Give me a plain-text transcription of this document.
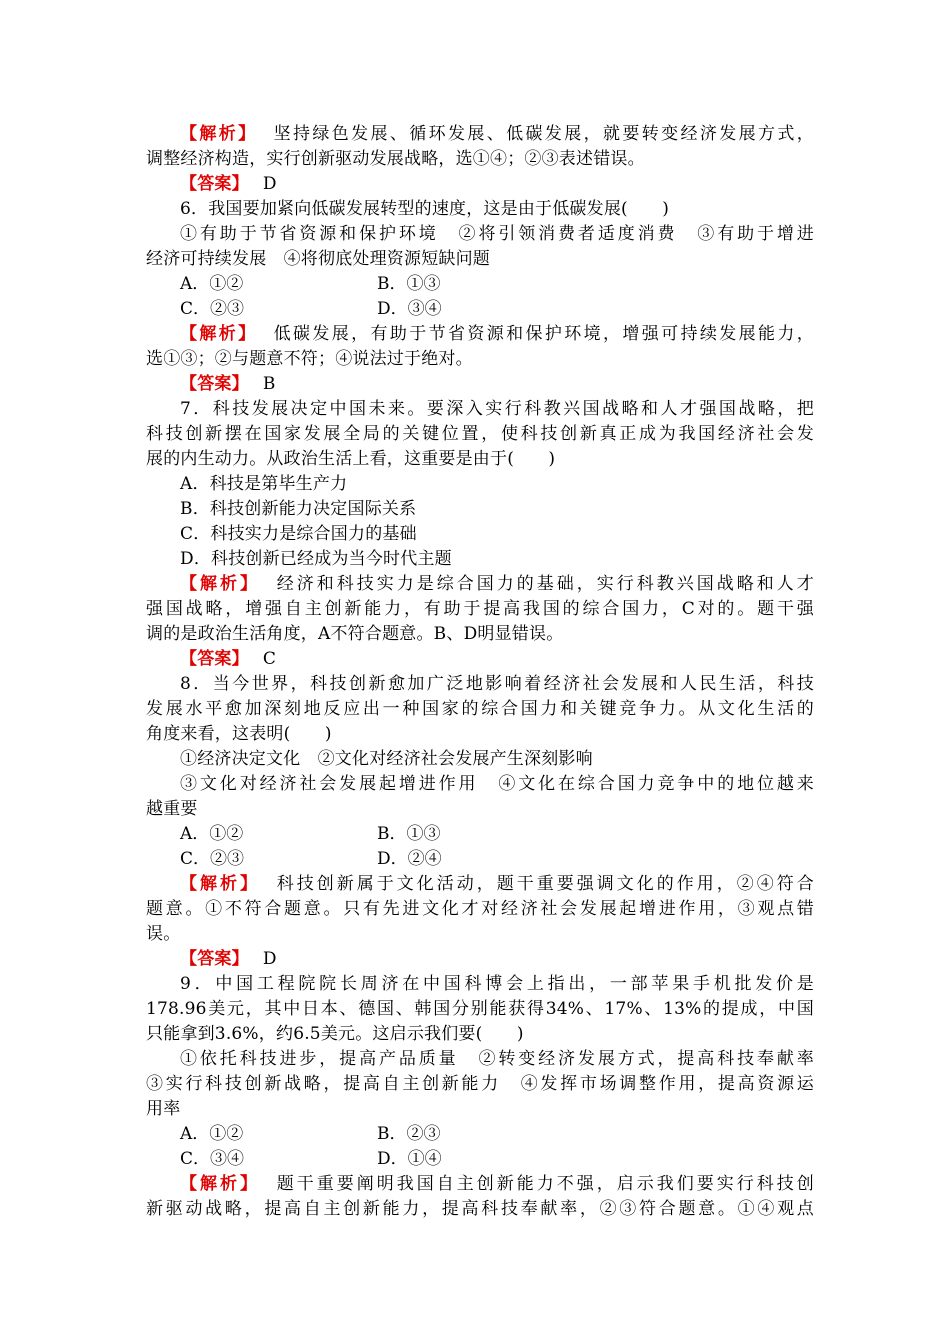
【解析】 坚持绿色发展、循环发展、低碳发展，就要转变经济发展方式，
调整经济构造，实行创新驱动发展战略，选①④；②③表述错误。
【答案】 D
6．我国要加紧向低碳发展转型的速度，这是由于低碳发展(　　)
①有助于节省资源和保护环境　②将引领消费者适度消费　③有助于增进
经济可持续发展　④将彻底处理资源短缺问题
A．①②	B．①③
C．②③	D．③④
【解析】 低碳发展，有助于节省资源和保护环境，增强可持续发展能力，
选①③；②与题意不符；④说法过于绝对。
【答案】 B
7．科技发展决定中国未来。要深入实行科教兴国战略和人才强国战略，把
科技创新摆在国家发展全局的关键位置，使科技创新真正成为我国经济社会发
展的内生动力。从政治生活上看，这重要是由于(　　)
A．科技是第毕生产力
B．科技创新能力决定国际关系
C．科技实力是综合国力的基础
D．科技创新已经成为当今时代主题
【解析】 经济和科技实力是综合国力的基础，实行科教兴国战略和人才
强国战略，增强自主创新能力，有助于提高我国的综合国力，C对的。题干强
调的是政治生活角度，A不符合题意。B、D明显错误。
【答案】 C
8．当今世界，科技创新愈加广泛地影响着经济社会发展和人民生活，科技
发展水平愈加深刻地反应出一种国家的综合国力和关键竞争力。从文化生活的
角度来看，这表明(　　)
①经济决定文化　②文化对经济社会发展产生深刻影响
③文化对经济社会发展起增进作用　④文化在综合国力竞争中的地位越来
越重要
A．①②	B．①③
C．②③	D．②④
【解析】 科技创新属于文化活动，题干重要强调文化的作用，②④符合
题意。①不符合题意。只有先进文化才对经济社会发展起增进作用，③观点错
误。
【答案】 D
9．中国工程院院长周济在中国科博会上指出，一部苹果手机批发价是
178.96美元，其中日本、德国、韩国分别能获得34%、17%、13%的提成，中国
只能拿到3.6%，约6.5美元。这启示我们要(　　)
①依托科技进步，提高产品质量　②转变经济发展方式，提高科技奉献率
③实行科技创新战略，提高自主创新能力　④发挥市场调整作用，提高资源运
用率
A．①②	B．②③
C．③④	D．①④
【解析】 题干重要阐明我国自主创新能力不强，启示我们要实行科技创
新驱动战略，提高自主创新能力，提高科技奉献率，②③符合题意。①④观点
